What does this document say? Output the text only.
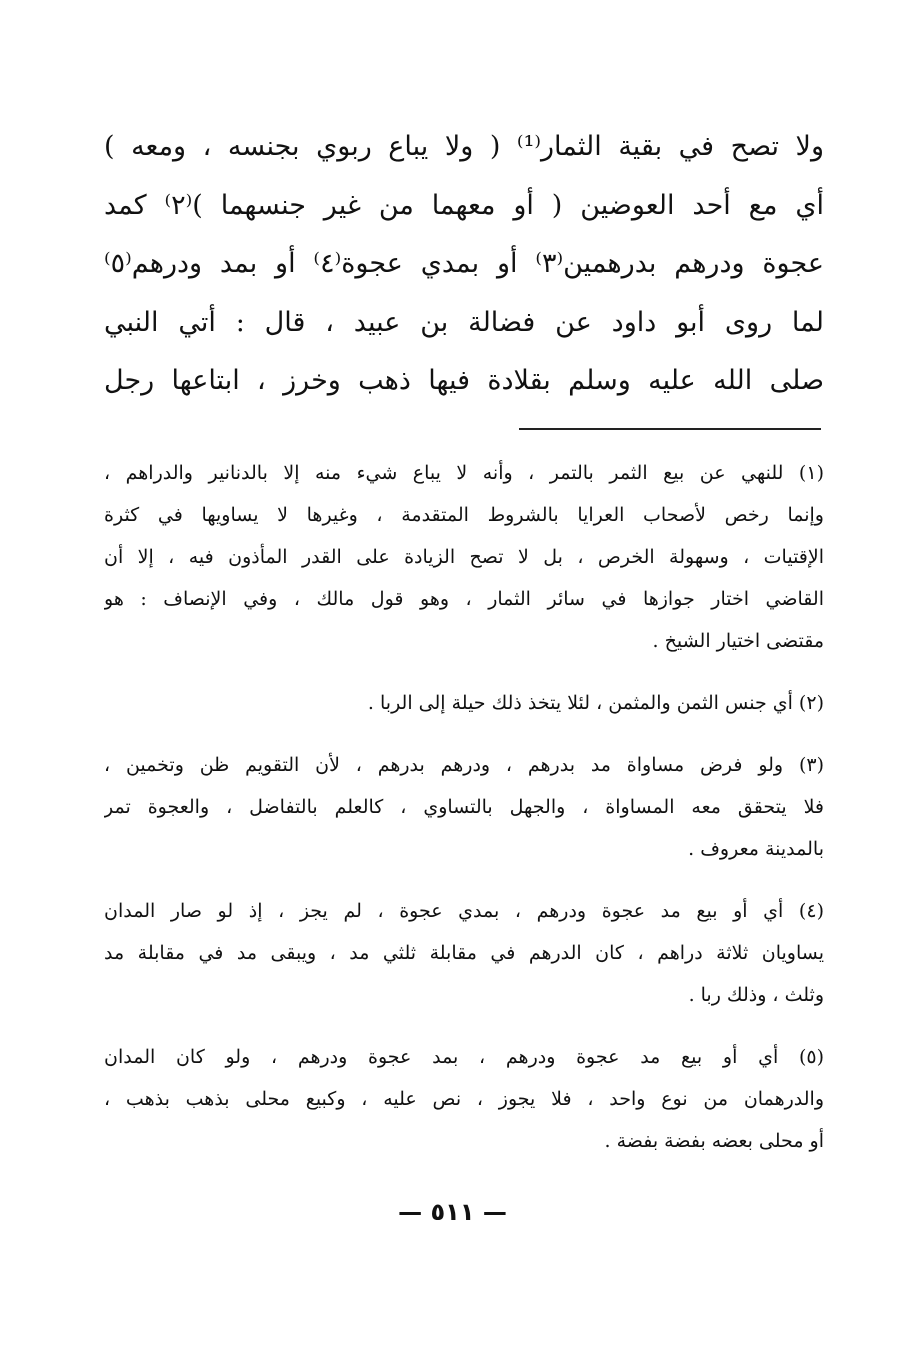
ولا تصح في بقية الثمار⁽¹⁾ ( ولا يباع ربوي بجنسه ، ومعه )
أي مع أحد العوضين ( أو معهما من غير جنسهما )⁽٢⁾ كمد
عجوة ودرهم بدرهمين⁽٣⁾ أو بمدي عجوة⁽٤⁾ أو بمد ودرهم⁽٥⁾
لما روى أبو داود عن فضالة بن عبيد ، قال : أتي النبي
صلى الله عليه وسلم بقلادة فيها ذهب وخرز ، ابتاعها رجل
(١) للنهي عن بيع الثمر بالتمر ، وأنه لا يباع شيء منه إلا بالدنانير والدراهم ،
وإنما رخص لأصحاب العرايا بالشروط المتقدمة ، وغيرها لا يساويها في كثرة
الإقتيات ، وسهولة الخرص ، بل لا تصح الزيادة على القدر المأذون فيه ، إلا أن
القاضي اختار جوازها في سائر الثمار ، وهو قول مالك ، وفي الإنصاف : هو
مقتضى اختيار الشيخ .
(٢) أي جنس الثمن والمثمن ، لئلا يتخذ ذلك حيلة إلى الربا .
(٣) ولو فرض مساواة مد بدرهم ، ودرهم بدرهم ، لأن التقويم ظن وتخمين ،
فلا يتحقق معه المساواة ، والجهل بالتساوي ، كالعلم بالتفاضل ، والعجوة تمر
بالمدينة معروف .
(٤) أي أو بيع مد عجوة ودرهم ، بمدي عجوة ، لم يجز ، إذ لو صار المدان
يساويان ثلاثة دراهم ، كان الدرهم في مقابلة ثلثي مد ، ويبقى مد في مقابلة مد
وثلث ، وذلك ربا .
(٥) أي أو بيع مد عجوة ودرهم ، بمد عجوة ودرهم ، ولو كان المدان
والدرهمان من نوع واحد ، فلا يجوز ، نص عليه ، وكبيع محلى بذهب بذهب ،
أو محلى بعضه بفضة بفضة .
— ٥١١ —
